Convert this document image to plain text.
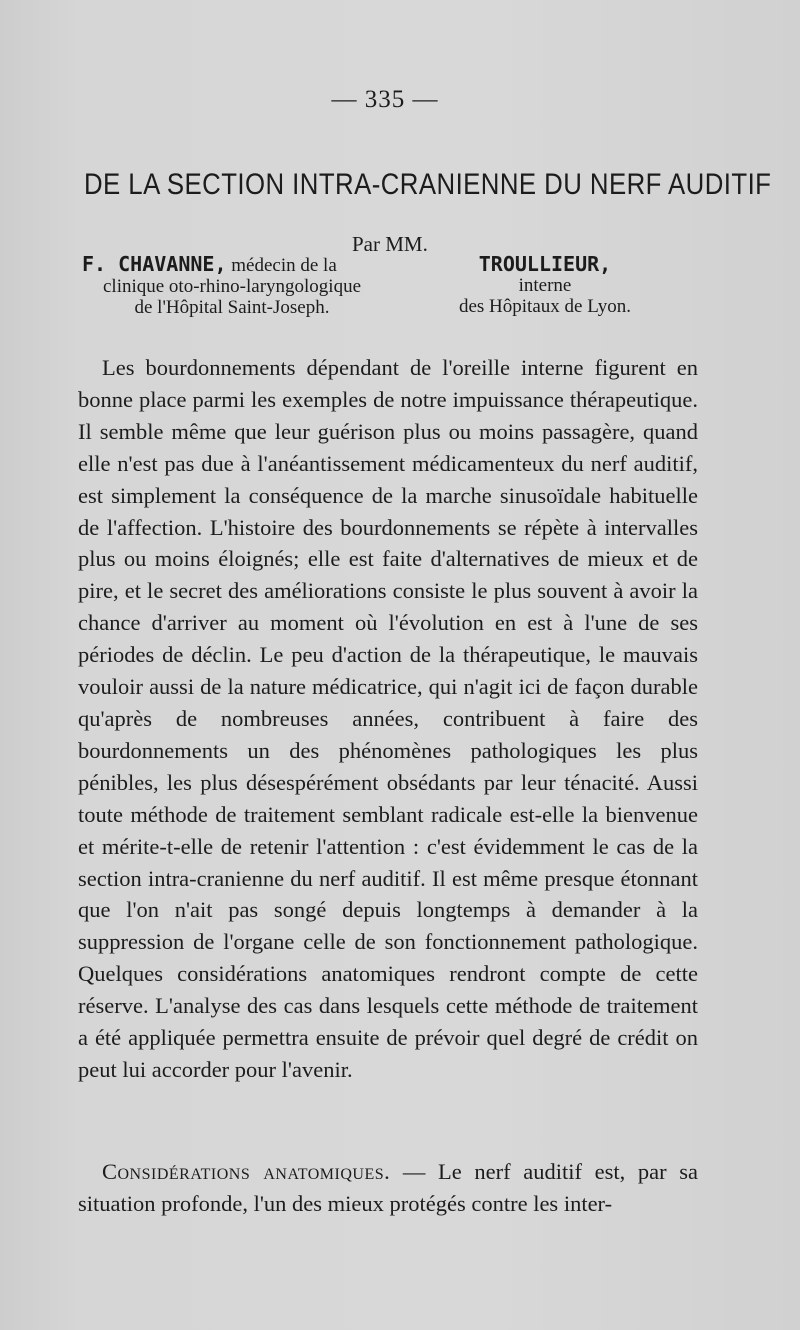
— 335 —
DE LA SECTION INTRA-CRANIENNE DU NERF AUDITIF
Par MM.
F. CHAVANNE, médecin de la
clinique oto-rhino-laryngologique
de l'Hôpital Saint-Joseph.
TROULLIEUR,
interne
des Hôpitaux de Lyon.

Les bourdonnements dépendant de l'oreille interne figurent en bonne place parmi les exemples de notre impuissance thérapeutique. Il semble même que leur guérison plus ou moins passagère, quand elle n'est pas due à l'anéantissement médicamenteux du nerf auditif, est simplement la conséquence de la marche sinusoïdale habituelle de l'affection. L'histoire des bourdonnements se répète à intervalles plus ou moins éloignés; elle est faite d'alternatives de mieux et de pire, et le secret des améliorations consiste le plus souvent à avoir la chance d'arriver au moment où l'évolution en est à l'une de ses périodes de déclin. Le peu d'action de la thérapeutique, le mauvais vouloir aussi de la nature médicatrice, qui n'agit ici de façon durable qu'après de nombreuses années, contribuent à faire des bourdonnements un des phénomènes pathologiques les plus pénibles, les plus désespérément obsédants par leur ténacité. Aussi toute méthode de traitement semblant radicale est-elle la bienvenue et mérite-t-elle de retenir l'attention : c'est évidemment le cas de la section intra-cranienne du nerf auditif. Il est même presque étonnant que l'on n'ait pas songé depuis longtemps à demander à la suppression de l'organe celle de son fonctionnement pathologique. Quelques considérations anatomiques rendront compte de cette réserve. L'analyse des cas dans lesquels cette méthode de traitement a été appliquée permettra ensuite de prévoir quel degré de crédit on peut lui accorder pour l'avenir.

Considérations anatomiques. — Le nerf auditif est, par sa situation profonde, l'un des mieux protégés contre les inter-
